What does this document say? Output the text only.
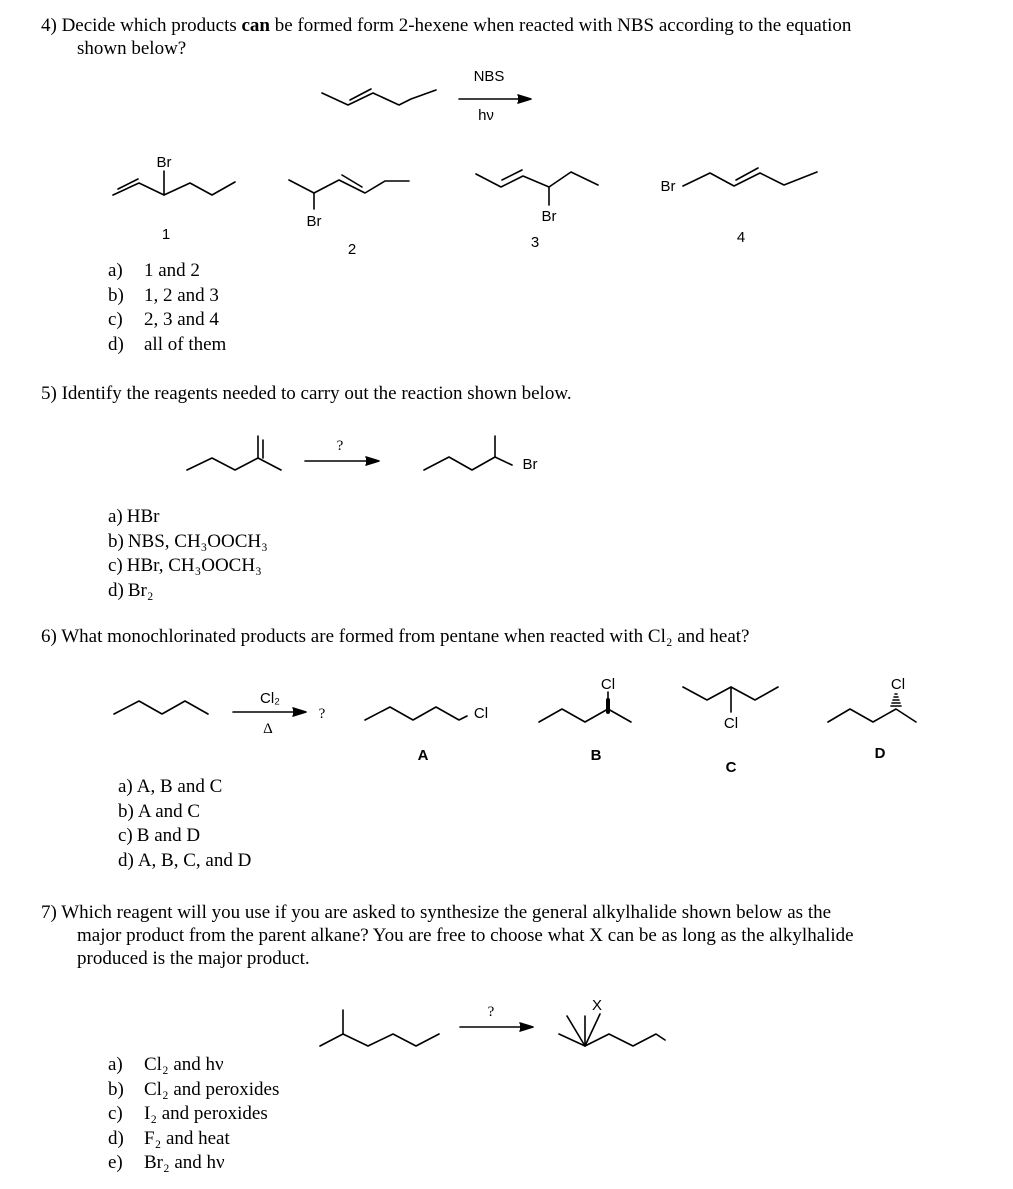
4) Decide which products can be formed form 2-hexene when reacted with NBS according to the equation
shown below?
a) 1 and 2
b) 1, 2 and 3
c) 2, 3 and 4
d) all of them
5) Identify the reagents needed to carry out the reaction shown below.
a) HBr
b) NBS, CH₃OOCH₃
c) HBr, CH₃OOCH₃
d) Br₂
6) What monochlorinated products are formed from pentane when reacted with Cl₂ and heat?
a) A, B and C
b) A and C
c) B and D
d) A, B, C, and D
7) Which reagent will you use if you are asked to synthesize the general alkylhalide shown below as the
major product from the parent alkane? You are free to choose what X can be as long as the alkylhalide
produced is the major product.
a) Cl₂ and hν
b) Cl₂ and peroxides
c) I₂ and peroxides
d) F₂ and heat
e) Br₂ and hν
NBS
hν
Br
1
Br
2
Br
3
Br
4
?
Br
Cl₂
Δ
?	Cl
A
Cl
B
Cl
C
Cl
D
?	X
